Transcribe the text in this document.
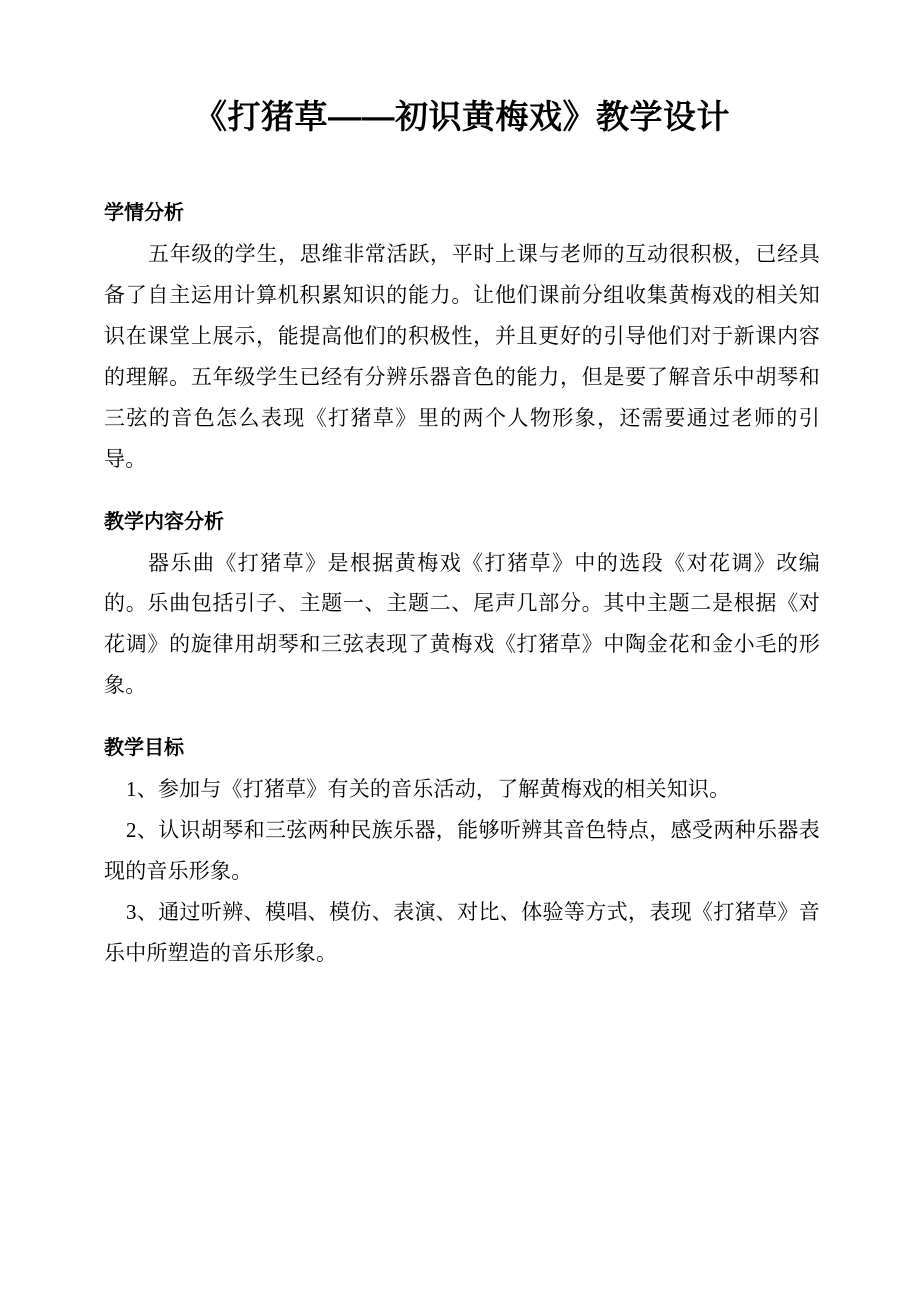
《打猪草——初识黄梅戏》教学设计
学情分析

五年级的学生，思维非常活跃，平时上课与老师的互动很积极，已经具备了自主运用计算机积累知识的能力。让他们课前分组收集黄梅戏的相关知识在课堂上展示，能提高他们的积极性，并且更好的引导他们对于新课内容的理解。五年级学生已经有分辨乐器音色的能力，但是要了解音乐中胡琴和三弦的音色怎么表现《打猪草》里的两个人物形象，还需要通过老师的引导。

教学内容分析

器乐曲《打猪草》是根据黄梅戏《打猪草》中的选段《对花调》改编的。乐曲包括引子、主题一、主题二、尾声几部分。其中主题二是根据《对花调》的旋律用胡琴和三弦表现了黄梅戏《打猪草》中陶金花和金小毛的形象。

教学目标

1、参加与《打猪草》有关的音乐活动，了解黄梅戏的相关知识。

2、认识胡琴和三弦两种民族乐器，能够听辨其音色特点，感受两种乐器表现的音乐形象。

3、通过听辨、模唱、模仿、表演、对比、体验等方式，表现《打猪草》音乐中所塑造的音乐形象。
